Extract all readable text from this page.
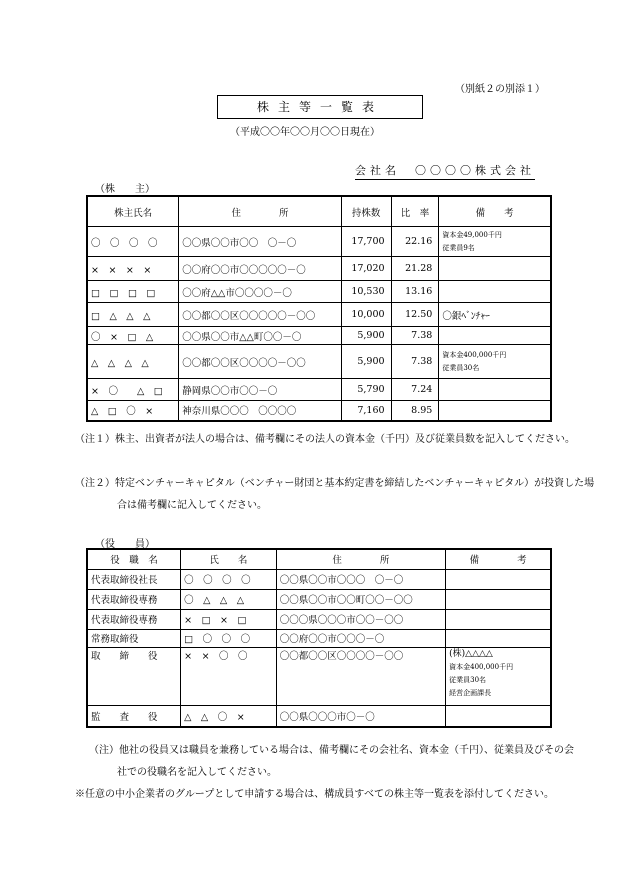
（別紙２の別添１）
株主等一覧表
（平成〇〇年〇〇月〇〇日現在）
会社名　〇〇〇〇株式会社
（株　　主）
株主氏名	住　　　　所	持株数	比　率	備　　考
〇　〇　〇　〇	〇〇県〇〇市〇〇　〇－〇	17,700	22.16	資本金49,000千円
従業員9名

×　×　×　×	〇〇府〇〇市〇〇〇〇〇－〇	17,020	21.28	
□　□　□　□	〇〇府△△市〇〇〇〇－〇	10,530	13.16	
□　△　△　△	〇〇都〇〇区〇〇〇〇〇－〇〇	10,000	12.50	〇銀ﾍﾞﾝﾁｬｰ
〇　×　□　△	〇〇県〇〇市△△町〇〇－〇	5,900	7.38	
△　△　△　△	〇〇都〇〇区〇〇〇〇－〇〇	5,900	7.38	資本金400,000千円
従業員30名

×　〇　　△　□	静岡県〇〇市〇〇－〇	5,790	7.24	
△　□　〇　×	神奈川県〇〇〇　〇〇〇〇	7,160	8.95	
（注１）株主、出資者が法人の場合は、備考欄にその法人の資本金（千円）及び従業員数を記入してください。
（注２）特定ベンチャーキャピタル（ベンチャー財団と基本約定書を締結したベンチャーキャピタル）が投資した場合は備考欄に記入してください。
（役　　員）
役　職　名	氏　　名	住　　　　所	備　　　　考
代表取締役社長	〇　〇　〇　〇	〇〇県〇〇市〇〇〇　〇－〇	
代表取締役専務	〇　△　△　△	〇〇県〇〇市〇〇町〇〇－〇〇	
代表取締役専務	×　□　×　□	〇〇〇県〇〇〇市〇〇－〇〇	
常務取締役	□　〇　〇　〇	〇〇府〇〇市〇〇〇－〇	
取　　締　　役	×　×　〇　〇	〇〇都〇〇区〇〇〇〇－〇〇	(株)△△△△
資本金400,000千円
従業員30名
経営企画課長

監　　査　　役	△　△　〇　×	〇〇県〇〇〇市〇－〇	
（注）他社の役員又は職員を兼務している場合は、備考欄にその会社名、資本金（千円）、従業員及びその会社での役職名を記入してください。
※任意の中小企業者のグループとして申請する場合は、構成員すべての株主等一覧表を添付してください。
